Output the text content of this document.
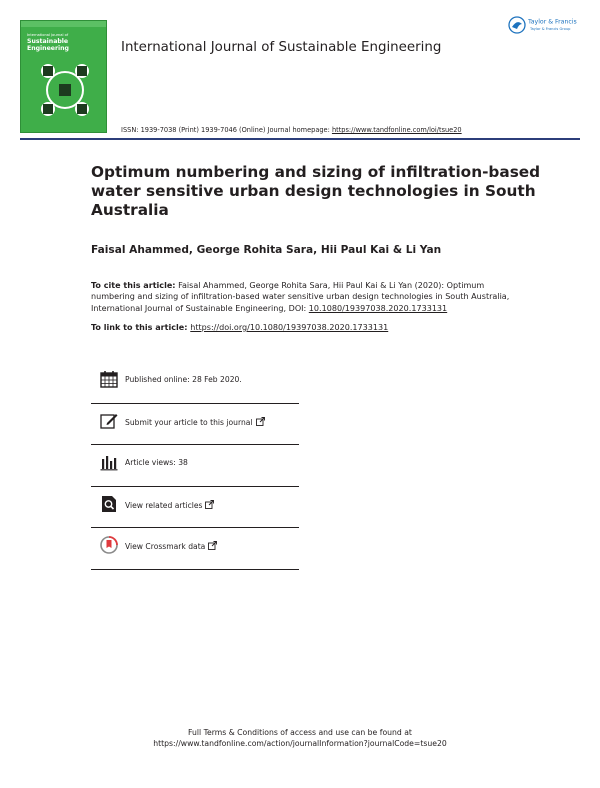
International Journal of
Sustainable Engineering	International Journal of Sustainable Engineering
Taylor & Francis
Taylor & Francis Group
ISSN: 1939-7038 (Print) 1939-7046 (Online) Journal homepage: https://www.tandfonline.com/loi/tsue20
Optimum numbering and sizing of infiltration-based water sensitive urban design technologies in South Australia
Faisal Ahammed, George Rohita Sara, Hii Paul Kai & Li Yan
To cite this article: Faisal Ahammed, George Rohita Sara, Hii Paul Kai & Li Yan (2020): Optimum numbering and sizing of infiltration-based water sensitive urban design technologies in South Australia, International Journal of Sustainable Engineering, DOI: 10.1080/19397038.2020.1733131
To link to this article: https://doi.org/10.1080/19397038.2020.1733131
Published online: 28 Feb 2020.
Submit your article to this journal
Article views: 38
View related articles
View Crossmark data
Full Terms & Conditions of access and use can be found at
https://www.tandfonline.com/action/journalInformation?journalCode=tsue20
